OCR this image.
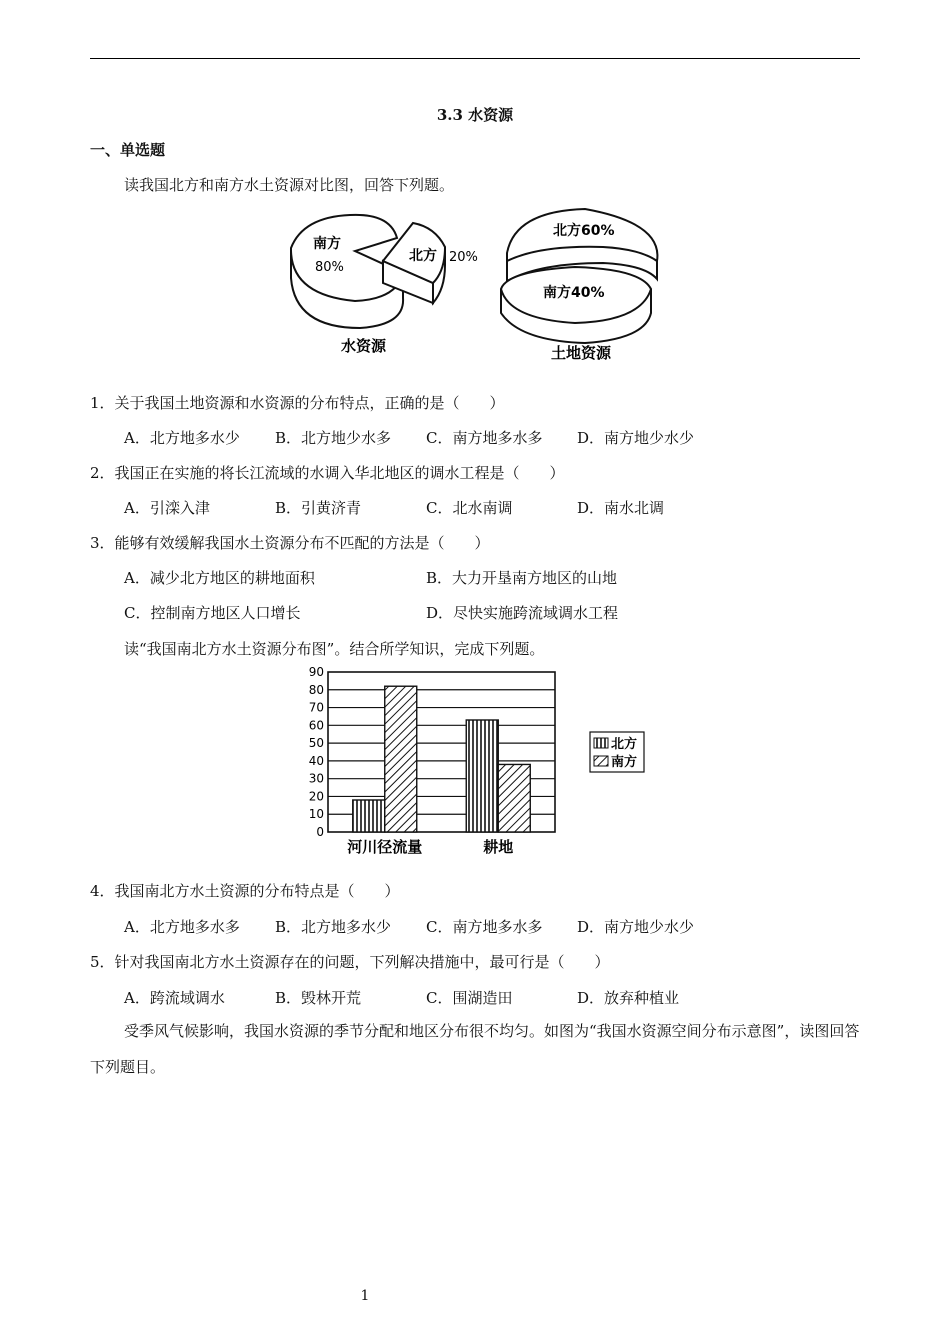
3.3 水资源
一、单选题
读我国北方和南方水土资源对比图，回答下列题。
南方
80%
北方 20%
水资源
北方60%
南方40%
土地资源
1．关于我国土地资源和水资源的分布特点，正确的是（　　）
A．北方地多水少 B．北方地少水多 C．南方地多水多 D．南方地少水少
2．我国正在实施的将长江流域的水调入华北地区的调水工程是（　　）
A．引滦入津	B．引黄济青	C．北水南调	D．南水北调
3．能够有效缓解我国水土资源分布不匹配的方法是（　　）
A．减少北方地区的耕地面积	B．大力开垦南方地区的山地
C．控制南方地区人口增长	D．尽快实施跨流域调水工程
读“我国南北方水土资源分布图”。结合所学知识，完成下列题。
0
10
20
30
40
50
60
70
80
90
河川径流量	耕地
北方
南方
4．我国南北方水土资源的分布特点是（　　）
A．北方地多水多 B．北方地多水少 C．南方地多水多 D．南方地少水少
5．针对我国南北方水土资源存在的问题，下列解决措施中，最可行是（　　）
A．跨流域调水	B．毁林开荒	C．围湖造田	D．放弃种植业
受季风气候影响，我国水资源的季节分配和地区分布很不均匀。如图为“我国水资源空间分布示意图”，读图回答下列题目。
1
